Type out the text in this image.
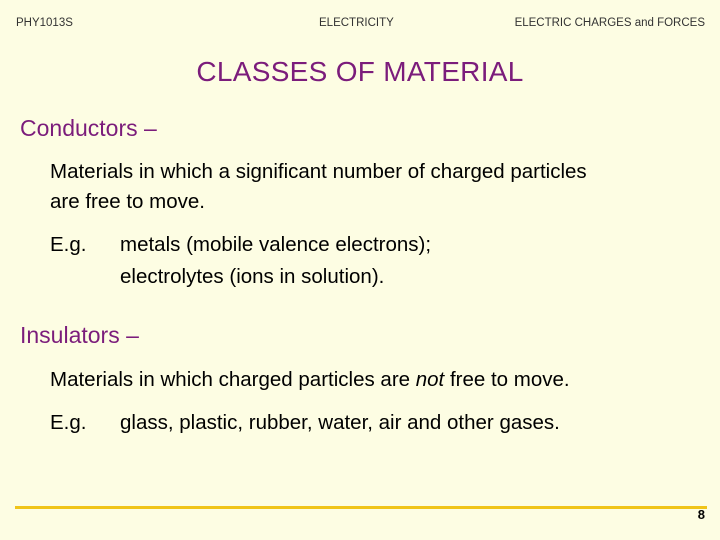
PHY1013S	ELECTRICITY	ELECTRIC CHARGES and FORCES
CLASSES OF MATERIAL
Conductors –
Materials in which a significant number of charged particles
are free to move.
E.g. metals (mobile valence electrons);
electrolytes (ions in solution).
Insulators –
Materials in which charged particles are not free to move.
E.g. glass, plastic, rubber, water, air and other gases.
8
